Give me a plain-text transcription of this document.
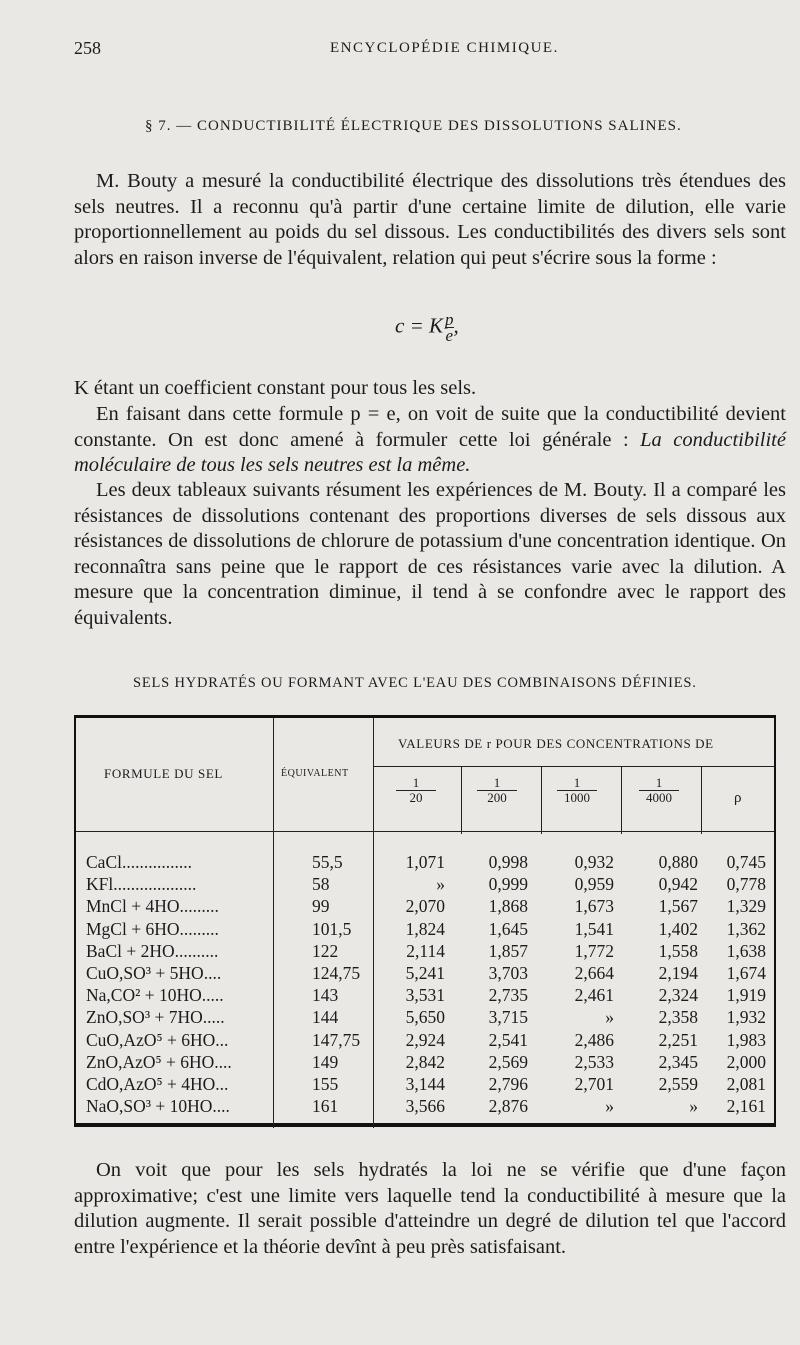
258	ENCYCLOPÉDIE CHIMIQUE.
§ 7. — CONDUCTIBILITÉ ÉLECTRIQUE DES DISSOLUTIONS SALINES.
M. Bouty a mesuré la conductibilité électrique des dissolutions très étendues des sels neutres. Il a reconnu qu'à partir d'une certaine limite de dilution, elle varie proportionnellement au poids du sel dissous. Les conductibilités des divers sels sont alors en raison inverse de l'équivalent, relation qui peut s'écrire sous la forme :
c = K $\frac{p}{e}$ ,
K étant un coefficient constant pour tous les sels.
En faisant dans cette formule p = e, on voit de suite que la conductibilité devient constante. On est donc amené à formuler cette loi générale : La conductibilité moléculaire de tous les sels neutres est la même.
Les deux tableaux suivants résument les expériences de M. Bouty. Il a comparé les résistances de dissolutions contenant des proportions diverses de sels dissous aux résistances de dissolutions de chlorure de potassium d'une concentration identique. On reconnaîtra sans peine que le rapport de ces résistances varie avec la dilution. A mesure que la concentration diminue, il tend à se confondre avec le rapport des équivalents.
SELS HYDRATÉS OU FORMANT AVEC L'EAU DES COMBINAISONS DÉFINIES.
FORMULE DU SEL	ÉQUIVALENT
VALEURS DE r POUR DES CONCENTRATIONS DE
$\frac{1}{20}$	$\frac{1}{200}$	$\frac{1}{1000}$	$\frac{1}{4000}$	ρ
CaCl................	55,5	1,071	0,998	0,932	0,880	0,745
KFl...................	58	»	0,999	0,959	0,942	0,778
MnCl + 4HO.........	99	2,070	1,868	1,673	1,567	1,329
MgCl + 6HO.........	101,5	1,824	1,645	1,541	1,402	1,362
BaCl + 2HO..........	122	2,114	1,857	1,772	1,558	1,638
CuO,SO³ + 5HO....	124,75	5,241	3,703	2,664	2,194	1,674
Na,CO² + 10HO.....	143	3,531	2,735	2,461	2,324	1,919
ZnO,SO³ + 7HO.....	144	5,650	3,715	»	2,358	1,932
CuO,AzO⁵ + 6HO...	147,75	2,924	2,541	2,486	2,251	1,983
ZnO,AzO⁵ + 6HO....	149	2,842	2,569	2,533	2,345	2,000
CdO,AzO⁵ + 4HO...	155	3,144	2,796	2,701	2,559	2,081
NaO,SO³ + 10HO....	161	3,566	2,876	»	»	2,161
On voit que pour les sels hydratés la loi ne se vérifie que d'une façon approximative; c'est une limite vers laquelle tend la conductibilité à mesure que la dilution augmente. Il serait possible d'atteindre un degré de dilution tel que l'accord entre l'expérience et la théorie devînt à peu près satisfaisant.
